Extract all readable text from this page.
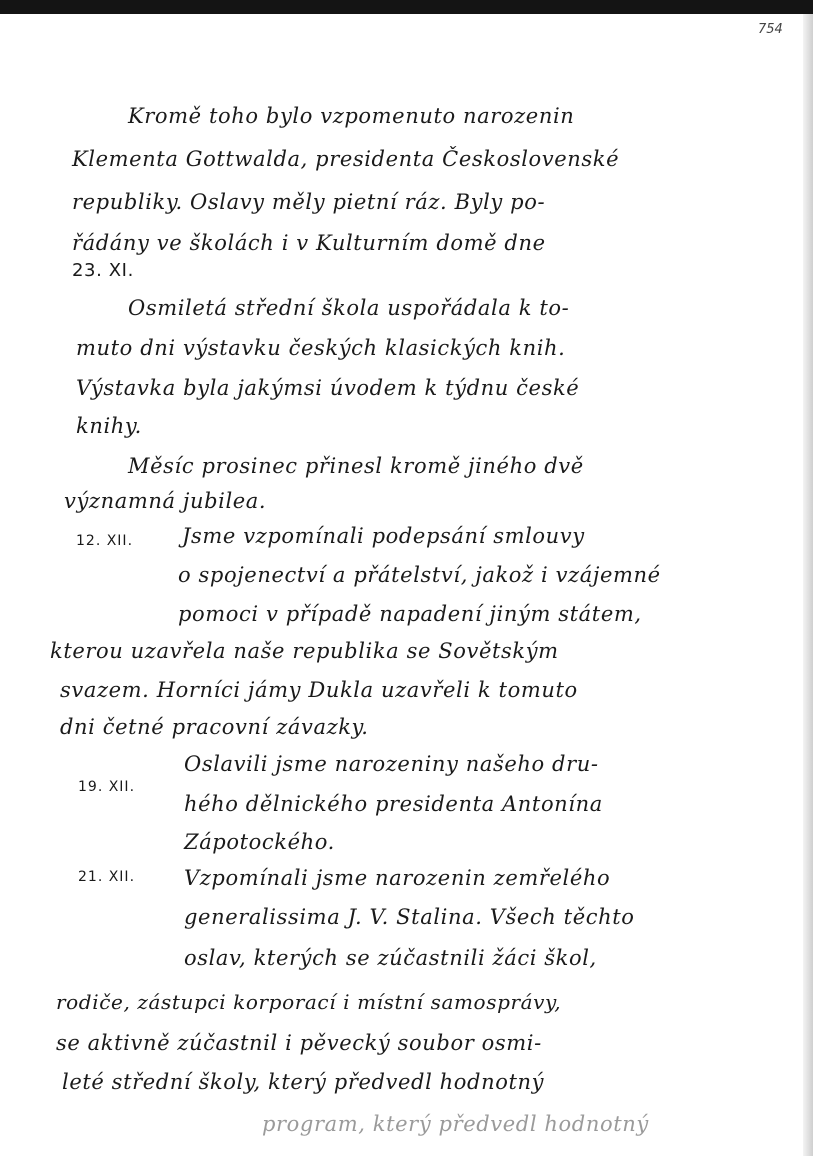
754
Kromě toho bylo vzpomenuto narozenin
Klementa Gottwalda, presidenta Československé
republiky. Oslavy měly pietní ráz. Byly po-
řádány ve školách i v Kulturním domě dne
23. XI.
Osmiletá střední škola uspořádala k to-
muto dni výstavku českých klasických knih.
Výstavka byla jakýmsi úvodem k týdnu české
knihy.
Měsíc prosinec přinesl kromě jiného dvě
významná jubilea.
12. XII. Jsme vzpomínali podepsání smlouvy
o spojenectví a přátelství, jakož i vzájemné
pomoci v případě napadení jiným státem,
kterou uzavřela naše republika se Sovětským
svazem. Horníci jámy Dukla uzavřeli k tomuto
dni četné pracovní závazky.
19. XII.
Oslavili jsme narozeniny našeho dru-
hého dělnického presidenta Antonína
Zápotockého.
21. XII. Vzpomínali jsme narozenin zemřelého
generalissima J. V. Stalina. Všech těchto
oslav, kterých se zúčastnili žáci škol,
rodiče, zástupci korporací i místní samosprávy,
se aktivně zúčastnil i pěvecký soubor osmi-
leté střední školy, který předvedl hodnotný
program, který předvedl hodnotný
